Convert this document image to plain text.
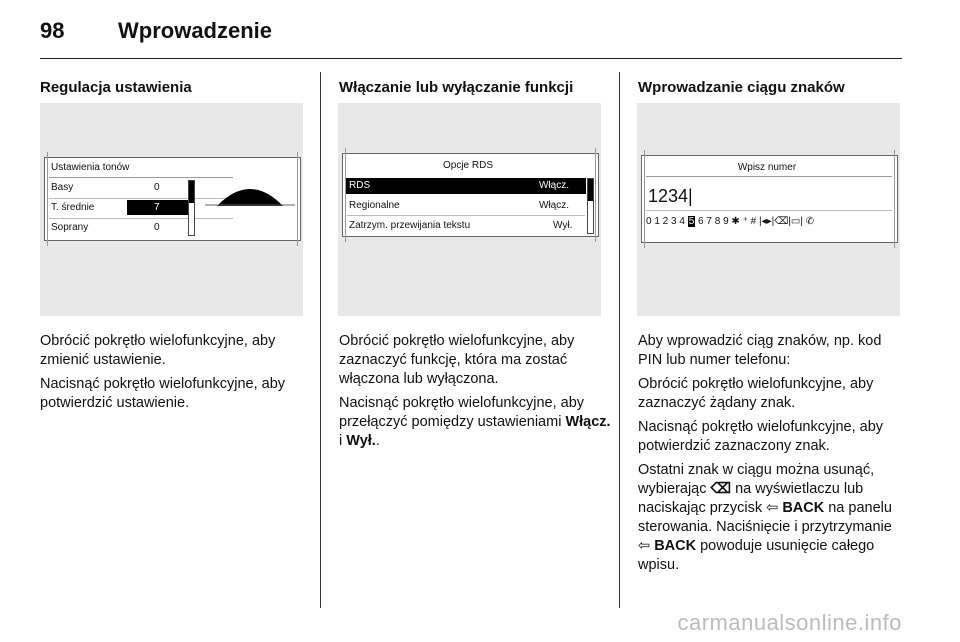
98 Wprowadzenie
Regulacja ustawienia
Ustawienia tonów
Basy	0
T. średnie	7
Soprany	0

Obrócić pokrętło wielofunkcyjne, aby zmienić ustawienie.

Nacisnąć pokrętło wielofunkcyjne, aby potwierdzić ustawienie.

Włączanie lub wyłączanie funkcji
Opcje RDS
RDS	Włącz.
Regionalne	Włącz.
Zatrzym. przewijania tekstu	Wył.

Obrócić pokrętło wielofunkcyjne, aby zaznaczyć funkcję, która ma zostać włączona lub wyłączona.

Nacisnąć pokrętło wielofunkcyjne, aby przełączyć pomiędzy ustawieniami Włącz. i Wył..

Wprowadzanie ciągu znaków
Wpisz numer
1234|
0 1 2 3 4 5 6 7 8 9 ✱ ⁺ # |◂▸|⌫|▭| ✆

Aby wprowadzić ciąg znaków, np. kod PIN lub numer telefonu:

Obrócić pokrętło wielofunkcyjne, aby zaznaczyć żądany znak.

Nacisnąć pokrętło wielofunkcyjne, aby potwierdzić zaznaczony znak.

Ostatni znak w ciągu można usunąć, wybierając ⌫ na wyświetlaczu lub naciskając przycisk ⇦ BACK na panelu sterowania. Naciśnięcie i przytrzymanie ⇦ BACK powoduje usunięcie całego wpisu.

carmanualsonline.info
